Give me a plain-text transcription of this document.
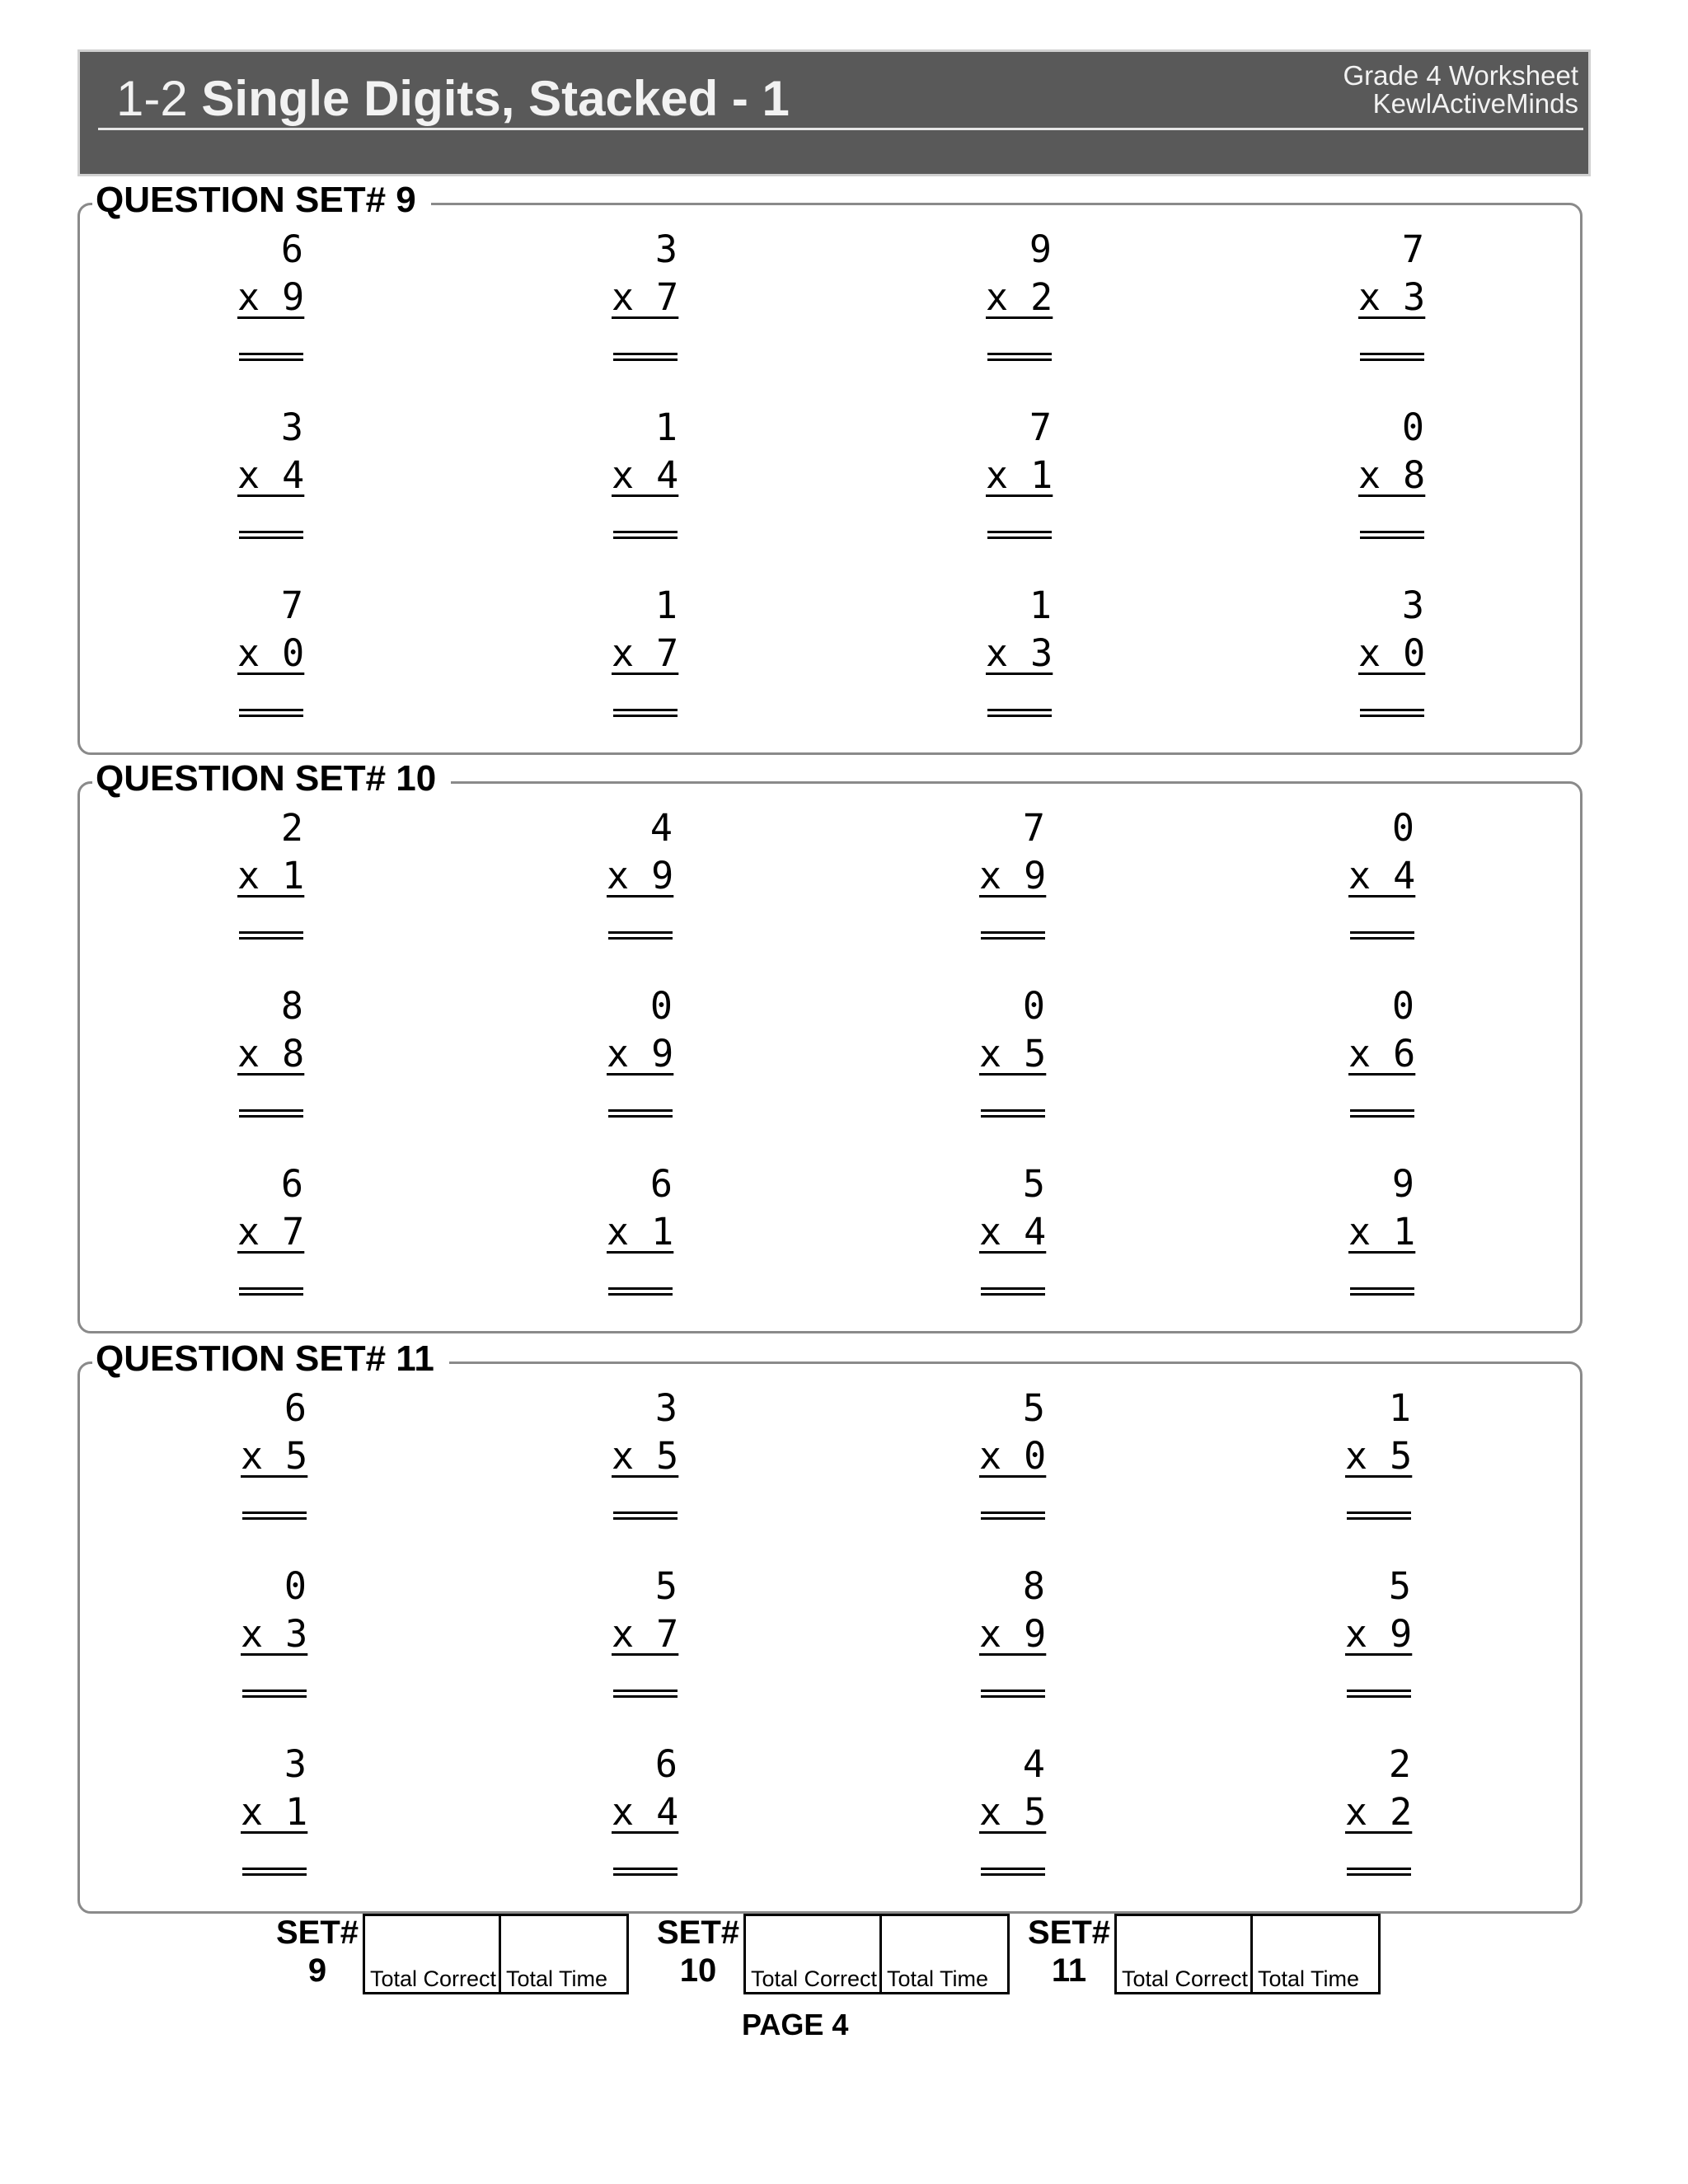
1-2 Single Digits, Stacked - 1	Grade 4 Worksheet
KewlActiveMinds
QUESTION SET# 9
6
x 9
3
x 7
9
x 2
7
x 3
3
x 4
1
x 4
7
x 1
0
x 8
7
x 0
1
x 7
1
x 3
3
x 0
QUESTION SET# 10
2
x 1
4
x 9
7
x 9
0
x 4
8
x 8
0
x 9
0
x 5
0
x 6
6
x 7
6
x 1
5
x 4
9
x 1
QUESTION SET# 11
6
x 5
3
x 5
5
x 0
1
x 5
0
x 3
5
x 7
8
x 9
5
x 9
3
x 1
6
x 4
4
x 5
2
x 2
SET#
9	Total Correct Total Time
SET#
10	Total Correct Total Time
SET#
11	Total Correct Total Time
PAGE 4
